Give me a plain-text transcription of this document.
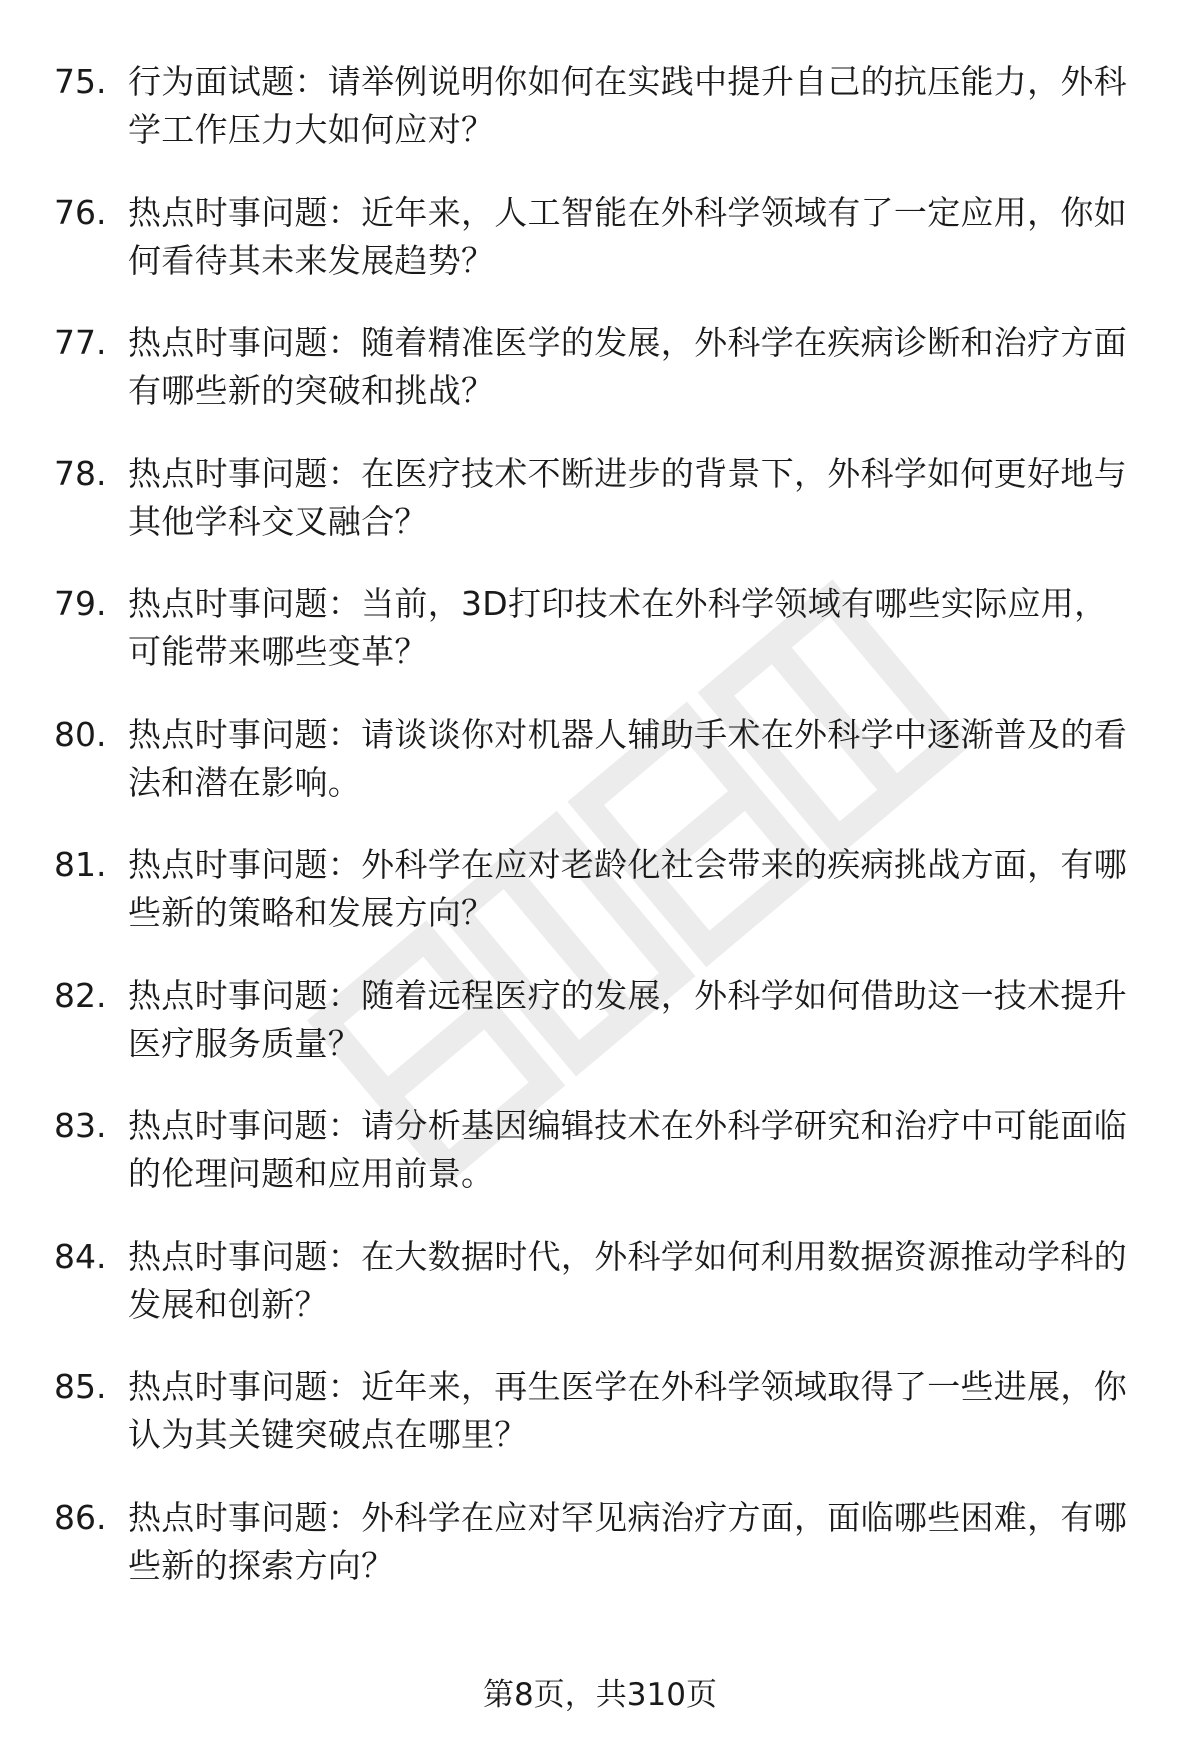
75. 行为面试题：请举例说明你如何在实践中提升自己的抗压能力，外科学工作压力大如何应对？
76. 热点时事问题：近年来，人工智能在外科学领域有了一定应用，你如何看待其未来发展趋势？
77. 热点时事问题：随着精准医学的发展，外科学在疾病诊断和治疗方面有哪些新的突破和挑战？
78. 热点时事问题：在医疗技术不断进步的背景下，外科学如何更好地与其他学科交叉融合？
79. 热点时事问题：当前，3D打印技术在外科学领域有哪些实际应用，可能带来哪些变革？
80. 热点时事问题：请谈谈你对机器人辅助手术在外科学中逐渐普及的看法和潜在影响。
81. 热点时事问题：外科学在应对老龄化社会带来的疾病挑战方面，有哪些新的策略和发展方向？
82. 热点时事问题：随着远程医疗的发展，外科学如何借助这一技术提升医疗服务质量？
83. 热点时事问题：请分析基因编辑技术在外科学研究和治疗中可能面临的伦理问题和应用前景。
84. 热点时事问题：在大数据时代，外科学如何利用数据资源推动学科的发展和创新？
85. 热点时事问题：近年来，再生医学在外科学领域取得了一些进展，你认为其关键突破点在哪里？
86. 热点时事问题：外科学在应对罕见病治疗方面，面临哪些困难，有哪些新的探索方向？
第8页，共310页
